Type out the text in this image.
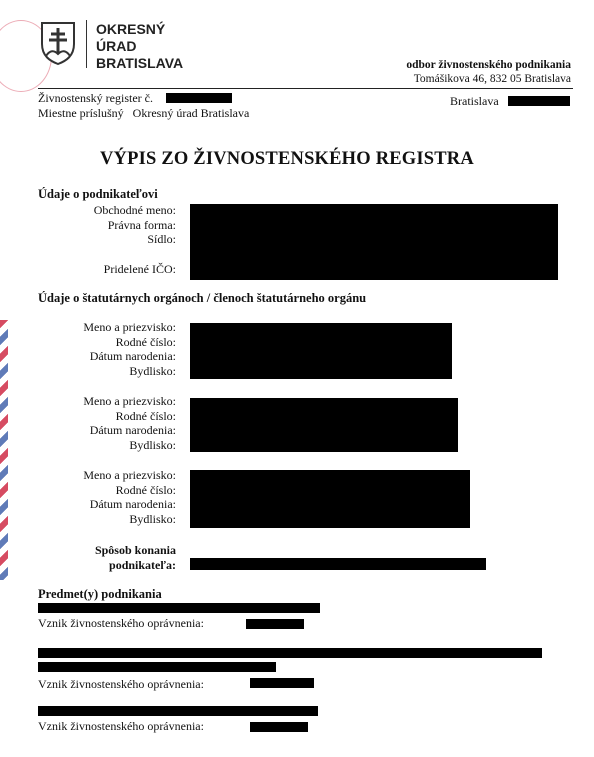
OKRESNÝ
ÚRAD
BRATISLAVA	odbor živnostenského podnikania
Tomášikova 46, 832 05 Bratislava
Živnostenský register č.	Bratislava
Miestne príslušný Okresný úrad Bratislava
VÝPIS ZO ŽIVNOSTENSKÉHO REGISTRA
Údaje o podnikateľovi
Obchodné meno:
Právna forma:
Sídlo:
Pridelené IČO:
Údaje o štatutárnych orgánoch / členoch štatutárneho orgánu
Meno a priezvisko:
Rodné číslo:
Dátum narodenia:
Bydlisko:
Meno a priezvisko:
Rodné číslo:
Dátum narodenia:
Bydlisko:
Meno a priezvisko:
Rodné číslo:
Dátum narodenia:
Bydlisko:
Spôsob konania
podnikateľa:
Predmet(y) podnikania
Vznik živnostenského oprávnenia:
Vznik živnostenského oprávnenia:
Vznik živnostenského oprávnenia:
